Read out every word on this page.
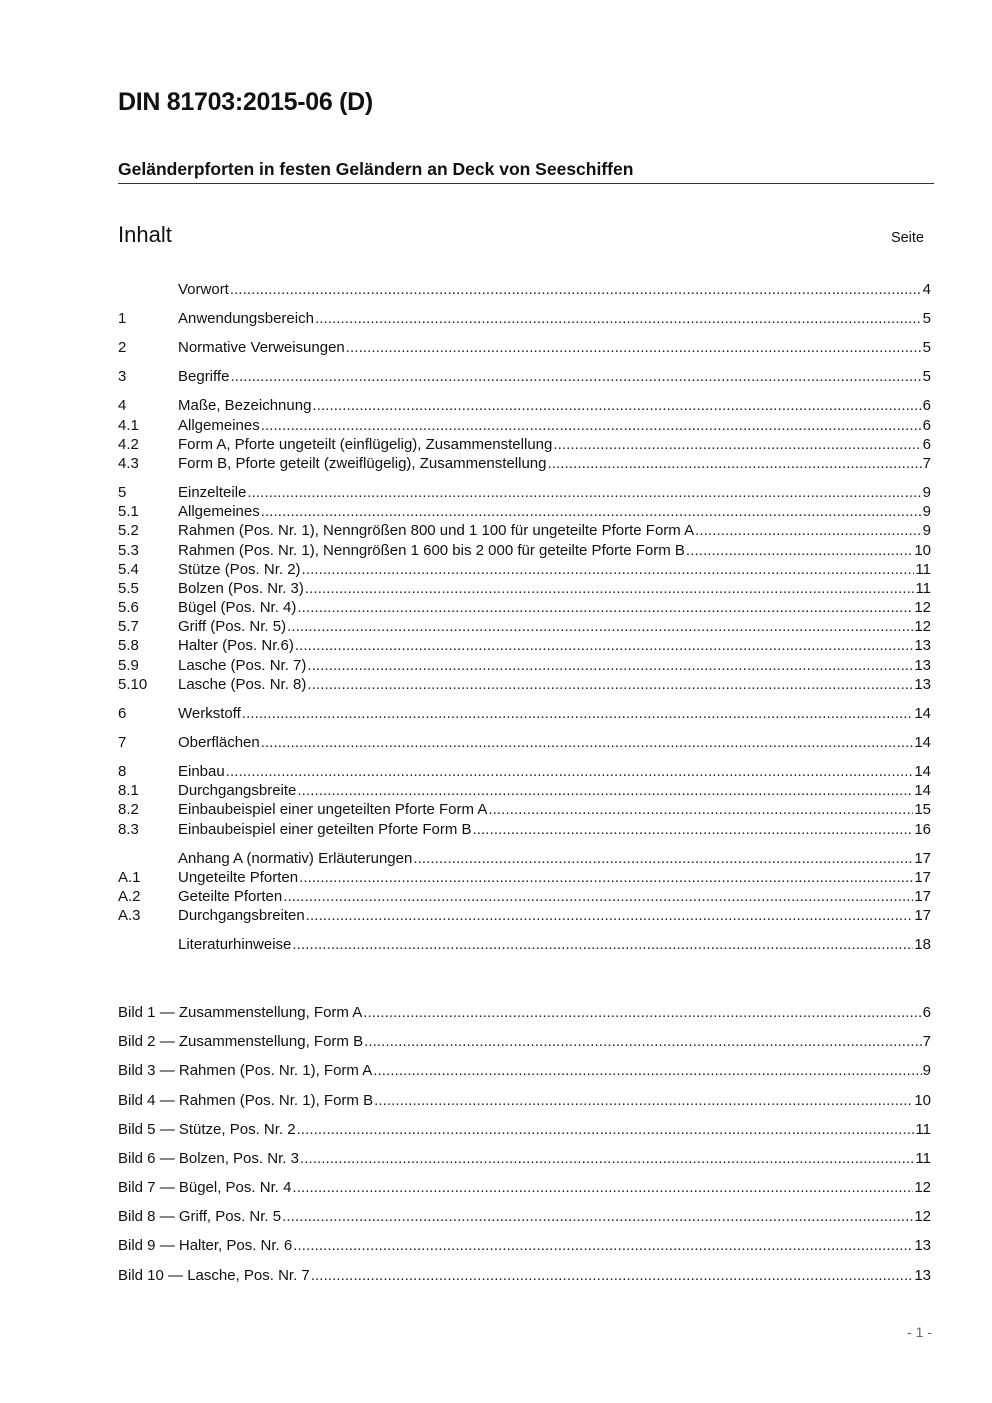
DIN 81703:2015-06 (D)
Geländerpforten in festen Geländern an Deck von Seeschiffen
Inhalt	Seite
Vorwort .....	4
1	Anwendungsbereich .....	5
2	Normative Verweisungen .....	5
3	Begriffe .....	5
4	Maße, Bezeichnung .....	6
4.1	Allgemeines .....	6
4.2	Form A, Pforte ungeteilt (einflügelig), Zusammenstellung .....	6
4.3	Form B, Pforte geteilt (zweiflügelig), Zusammenstellung .....	7
5	Einzelteile .....	9
5.1	Allgemeines .....	9
5.2	Rahmen (Pos. Nr. 1), Nenngrößen 800 und 1 100 für ungeteilte Pforte Form A .....	9
5.3	Rahmen (Pos. Nr. 1), Nenngrößen 1 600 bis 2 000 für geteilte Pforte Form B .....	10
5.4	Stütze (Pos. Nr. 2) .....	11
5.5	Bolzen (Pos. Nr. 3) .....	11
5.6	Bügel (Pos. Nr. 4) .....	12
5.7	Griff (Pos. Nr. 5) .....	12
5.8	Halter (Pos. Nr.6) .....	13
5.9	Lasche (Pos. Nr. 7) .....	13
5.10	Lasche (Pos. Nr. 8) .....	13
6	Werkstoff .....	14
7	Oberflächen .....	14
8	Einbau .....	14
8.1	Durchgangsbreite .....	14
8.2	Einbaubeispiel einer ungeteilten Pforte Form A .....	15
8.3	Einbaubeispiel einer geteilten Pforte Form B .....	16
Anhang A (normativ) Erläuterungen .....	17
A.1	Ungeteilte Pforten .....	17
A.2	Geteilte Pforten .....	17
A.3	Durchgangsbreiten .....	17
Literaturhinweise .....	18
Bild 1 — Zusammenstellung, Form A .....	6
Bild 2 — Zusammenstellung, Form B .....	7
Bild 3 — Rahmen (Pos. Nr. 1), Form A .....	9
Bild 4 — Rahmen (Pos. Nr. 1), Form B .....	10
Bild 5 — Stütze, Pos. Nr. 2 .....	11
Bild 6 — Bolzen, Pos. Nr. 3 .....	11
Bild 7 — Bügel, Pos. Nr. 4 .....	12
Bild 8 — Griff, Pos. Nr. 5 .....	12
Bild 9 — Halter, Pos. Nr. 6 .....	13
Bild 10 — Lasche, Pos. Nr. 7 .....	13
- 1 -
